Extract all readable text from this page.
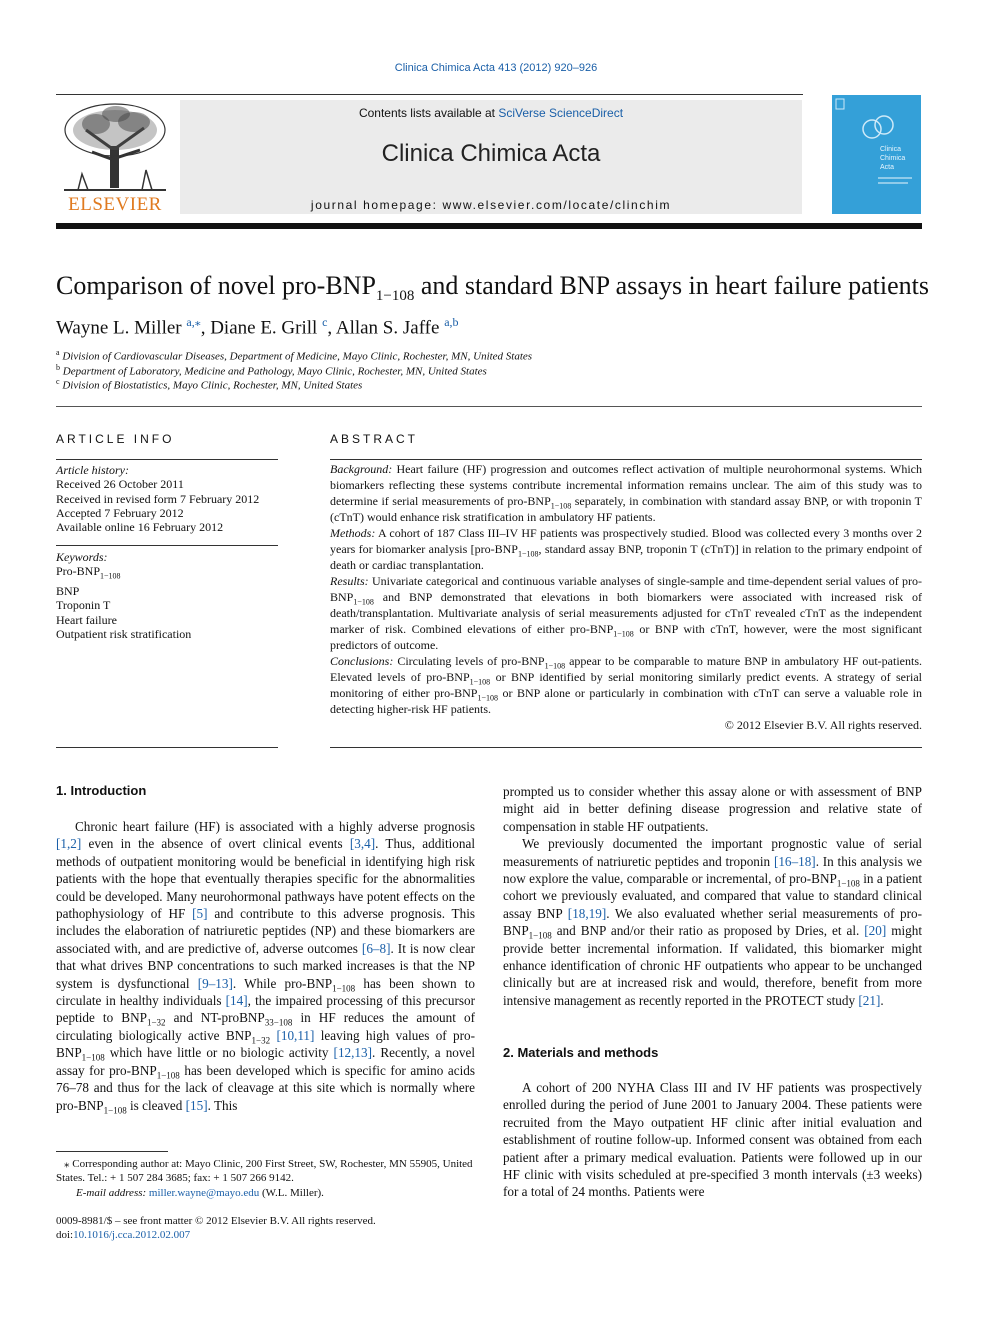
Clinica Chimica Acta 413 (2012) 920–926
ELSEVIER
Contents lists available at SciVerse ScienceDirect
Clinica Chimica Acta
journal homepage: www.elsevier.com/locate/clinchim
Clinica
Chimica
Acta
Comparison of novel pro-$BNP_{1-108}$ and standard BNP assays in heart failure patients
Wayne L. Miller $^{a,⁎}$, Diane E. Grill $^c$, Allan S. Jaffe $^{a,b}$
$^a$ Division of Cardiovascular Diseases, Department of Medicine, Mayo Clinic, Rochester, MN, United States
$^b$ Department of Laboratory, Medicine and Pathology, Mayo Clinic, Rochester, MN, United States
$^c$ Division of Biostatistics, Mayo Clinic, Rochester, MN, United States
ARTICLE INFO
Article history:
Received 26 October 2011
Received in revised form 7 February 2012
Accepted 7 February 2012
Available online 16 February 2012
Keywords:
Pro-$BNP_{1-108}$
BNP
Troponin T
Heart failure
Outpatient risk stratification
ABSTRACT

Background: Heart failure (HF) progression and outcomes reflect activation of multiple neurohormonal systems. Which biomarkers reflecting these systems contribute incremental information remains unclear. The aim of this study was to determine if serial measurements of pro-$BNP_{1-108}$ separately, in combination with standard assay BNP, or with troponin T (cTnT) would enhance risk stratification in ambulatory HF patients.

Methods: A cohort of 187 Class III–IV HF patients was prospectively studied. Blood was collected every 3 months over 2 years for biomarker analysis [$pro-BNP_{1-108}$, standard assay BNP, troponin T (cTnT)] in relation to the primary endpoint of death or cardiac transplantation.

Results: Univariate categorical and continuous variable analyses of single-sample and time-dependent serial values of pro-$BNP_{1-108}$ and BNP demonstrated that elevations in both biomarkers were associated with increased risk of death/transplantation. Multivariate analysis of serial measurements adjusted for cTnT revealed cTnT as the independent marker of risk. Combined elevations of either pro-$BNP_{1-108}$ or BNP with cTnT, however, were the most significant predictors of outcome.

Conclusions: Circulating levels of pro-$BNP_{1-108}$ appear to be comparable to mature BNP in ambulatory HF out-patients. Elevated levels of pro-$BNP_{1-108}$ or BNP identified by serial monitoring similarly predict events. A strategy of serial monitoring of either pro-$BNP_{1-108}$ or BNP alone or particularly in combination with cTnT can serve a valuable role in detecting higher-risk HF patients.

© 2012 Elsevier B.V. All rights reserved.

1. Introduction

Chronic heart failure (HF) is associated with a highly adverse prognosis [1,2] even in the absence of overt clinical events [3,4]. Thus, additional methods of outpatient monitoring would be beneficial in identifying high risk patients with the hope that eventually therapies specific for the abnormalities could be developed. Many neurohormonal pathways have potent effects on the pathophysiology of HF [5] and contribute to this adverse prognosis. This includes the elaboration of natriuretic peptides (NP) and these biomarkers are associated with, and are predictive of, adverse outcomes [6–8]. It is now clear that what drives BNP concentrations to such marked increases is that the NP system is dysfunctional [9–13]. While pro-$BNP_{1-108}$ has been shown to circulate in healthy individuals [14], the impaired processing of this precursor peptide to $BNP_{1-32}$ and NT-proBNP$_{33-108}$ in HF reduces the amount of circulating biologically active $BNP_{1-32}$ [10,11] leaving high values of pro-$BNP_{1-108}$ which have little or no biologic activity [12,13]. Recently, a novel assay for pro-$BNP_{1-108}$ has been developed which is specific for amino acids 76–78 and thus for the lack of cleavage at this site which is normally where pro-$BNP_{1-108}$ is cleaved [15]. This

prompted us to consider whether this assay alone or with assessment of BNP might aid in better defining disease progression and relative state of compensation in stable HF outpatients.

We previously documented the important prognostic value of serial measurements of natriuretic peptides and troponin [16–18]. In this analysis we now explore the value, comparable or incremental, of pro-$BNP_{1-108}$ in a patient cohort we previously evaluated, and compared that value to standard clinical assay BNP [18,19]. We also evaluated whether serial measurements of pro-$BNP_{1-108}$ and BNP and/or their ratio as proposed by Dries, et al. [20] might provide better incremental information. If validated, this biomarker might enhance identification of chronic HF outpatients who appear to be unchanged clinically but are at increased risk and would, therefore, benefit from more intensive management as recently reported in the PROTECT study [21].

2. Materials and methods

A cohort of 200 NYHA Class III and IV HF patients was prospectively enrolled during the period of June 2001 to January 2004. These patients were recruited from the Mayo outpatient HF clinic after initial evaluation and establishment of routine follow-up. Informed consent was obtained from each patient after a primary medical evaluation. Patients were followed up in our HF clinic with visits scheduled at pre-specified 3 month intervals (±3 weeks) for a total of 24 months. Patients were

⁎ Corresponding author at: Mayo Clinic, 200 First Street, SW, Rochester, MN 55905, United States. Tel.: + 1 507 284 3685; fax: + 1 507 266 9142.
E-mail address: miller.wayne@mayo.edu (W.L. Miller).
0009-8981/$ – see front matter © 2012 Elsevier B.V. All rights reserved.
doi:10.1016/j.cca.2012.02.007
